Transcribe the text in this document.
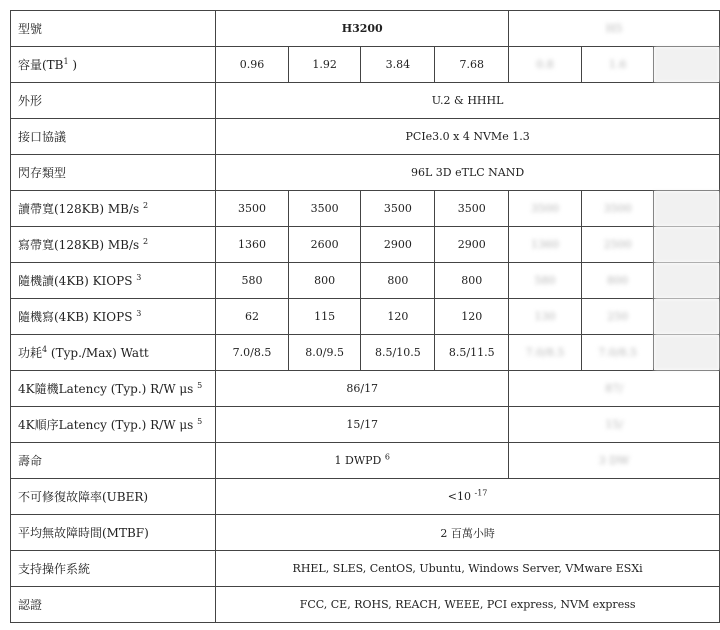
型號	H3200				H5		
容量($TB^1$ )	0.96	1.92	3.84	7.68	0.8	1.6	
外形	U.2 & HHHL						
接口協議	PCIe3.0 x 4 NVMe 1.3						
閃存類型	96L 3D eTLC NAND						
讀帶寬(128KB) MB/s $^2$	3500	3500	3500	3500	3500	3500	
寫帶寬(128KB) MB/s $^2$	1360	2600	2900	2900	1360	2500	
隨機讀(4KB) KIOPS $^3$	580	800	800	800	580	800	
隨機寫(4KB) KIOPS $^3$	62	115	120	120	130	250	
功耗$^4$ (Typ./Max) Watt	7.0/8.5	8.0/9.5	8.5/10.5	8.5/11.5	7.0/8.5	7.0/8.5	
4K隨機Latency (Typ.) R/W μs $^5$	86/17				87/		
4K順序Latency (Typ.) R/W μs $^5$	15/17				15/		
壽命	1 DWPD $^6$				3 DW		
不可修復故障率(UBER)	<10 $^{-17}$
平均無故障時間(MTBF)	2 百萬小時						
支持操作系統	RHEL, SLES, CentOS, Ubuntu, Windows Server, VMware ESXi						
認證	FCC, CE, ROHS, REACH, WEEE, PCI express, NVM express						
